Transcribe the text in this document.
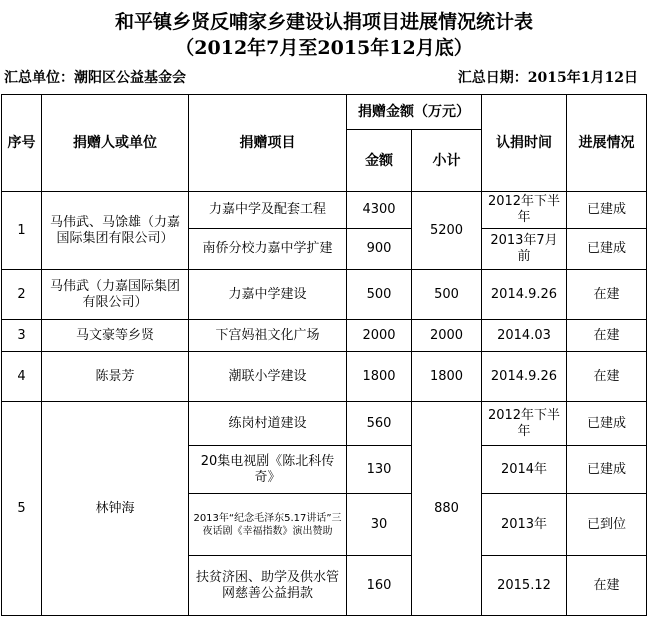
和平镇乡贤反哺家乡建设认捐项目进展情况统计表
（2012年7月至2015年12月底）
汇总单位：潮阳区公益基金会	汇总日期：2015年1月12日
序号	捐赠人或单位	捐赠项目	捐赠金额（万元）		认捐时间	进展情况
			金额	小计		
1	马伟武、马馀雄（力嘉国际集团有限公司）	力嘉中学及配套工程	4300	5200	2012年下半年	已建成
		南侨分校力嘉中学扩建	900		2013年7月前	已建成
2	马伟武（力嘉国际集团有限公司）	力嘉中学建设	500	500	2014.9.26	在建
3	马文豪等乡贤	下宫妈祖文化广场	2000	2000	2014.03	在建
4	陈景芳	潮联小学建设	1800	1800	2014.9.26	在建
5	林钟海	练岗村道建设	560	880	2012年下半年	已建成
		20集电视剧《陈北科传奇》	130		2014年	已建成
		2013年“纪念毛泽东5.17讲话”三夜话剧《幸福指数》演出赞助	30		2013年	已到位
		扶贫济困、助学及供水管网慈善公益捐款	160		2015.12	在建
